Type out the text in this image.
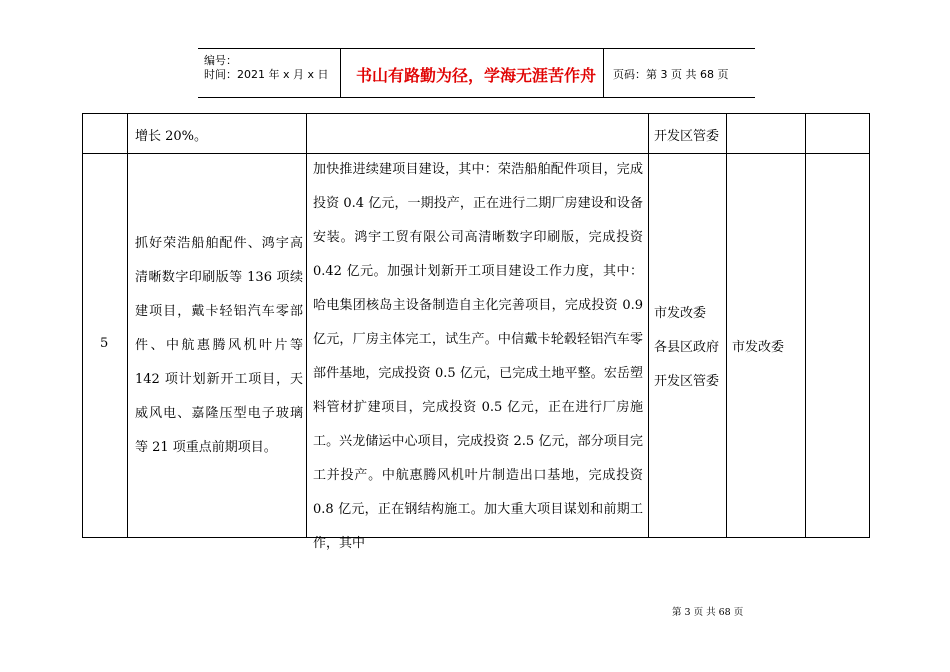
编号：
时间：2021 年 x 月 x 日 书山有路勤为径，学海无涯苦作舟 页码：第 3 页 共 68 页
增长 20%。	开发区管委
5
抓好荣浩船舶配件、鸿宇高清晰数字印刷版等 136 项续建项目，戴卡轻铝汽车零部件、中航惠腾风机叶片等 142 项计划新开工项目，天威风电、嘉隆压型电子玻璃等 21 项重点前期项目。
加快推进续建项目建设，其中：荣浩船舶配件项目，完成投资 0.4 亿元，一期投产，正在进行二期厂房建设和设备安装。鸿宇工贸有限公司高清晰数字印刷版，完成投资 0.42 亿元。加强计划新开工项目建设工作力度，其中：哈电集团核岛主设备制造自主化完善项目，完成投资 0.9 亿元，厂房主体完工，试生产。中信戴卡轮毂轻铝汽车零部件基地，完成投资 0.5 亿元，已完成土地平整。宏岳塑料管材扩建项目，完成投资 0.5 亿元，正在进行厂房施工。兴龙储运中心项目，完成投资 2.5 亿元，部分项目完工并投产。中航惠腾风机叶片制造出口基地，完成投资 0.8 亿元，正在钢结构施工。加大重大项目谋划和前期工作，其中
市发改委
各县区政府
开发区管委
市发改委
第 3 页 共 68 页
